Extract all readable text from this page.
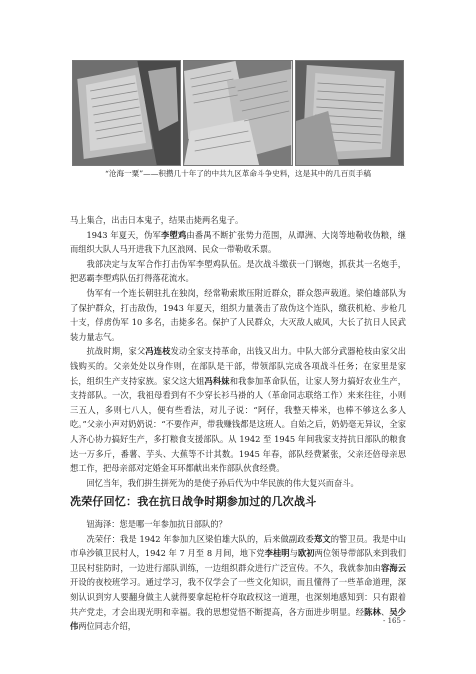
“沧海一粟”——积攒几十年了的中共九区革命斗争史料，这是其中的几百页手稿

马上集合，出击日本鬼子，结果击毙两名鬼子。

1943 年夏天，伪军李塱鸡由番禺不断扩张势力范围，从谭洲、大岗等地勒收伪粮，继而组织大队人马开进我下九区浪网、民众一带勒收禾票。

我部决定与友军合作打击伪军李塱鸡队伍。是次战斗缴获一门钢炮，抓获其一名炮手，把恶霸李塱鸡队伍打得落花流水。

伪军有一个连长朝驻扎在独岗，经常勒索欺压附近群众，群众怨声载道。梁伯雄部队为了保护群众，打击敌伪，1943 年夏天，组织力量袭击了敌伪这个连队，缴获机枪、步枪几十支，俘虏伪军 10 多名，击毙多名。保护了人民群众，大灭敌人威风，大长了抗日人民武装力量志气。

抗战时期，家父冯连枝发动全家支持革命，出钱又出力。中队大部分武器枪枝由家父出钱购买的。父亲处处以身作则，在部队是干部，带领部队完成各项战斗任务；在家里是家长，组织生产支持家族。家父这大姐冯科妹和我参加革命队伍，让家人努力搞好农业生产，支持部队。一次，我祖母看到有不少穿长衫马褂的人（革命同志联络工作）来来往往，小则三五人，多则七八人，便有些看法，对儿子说：“阿仔，我整天棒米，也棒不够这么多人吃。”父亲小声对奶奶说：“不要作声，带我赚钱都是这班人。自始之后，奶奶毫无异议，全家人齐心协力搞好生产，多打粮食支援部队。从 1942 至 1945 年间我家支持抗日部队的粮食达一万多斤，番薯、芋头、大蕉等不计其数。1945 年春，部队经费紧张，父亲还倍母亲思想工作，把母亲部对定婚金耳环都献出来作部队伙食经费。

回忆当年，我们拼生拼死为的是使子孙后代为中华民族的伟大复兴而奋斗。

冼荣仔回忆：我在抗日战争时期参加过的几次战斗

钮海泽：您是哪一年参加抗日部队的？

冼荣仔：我是 1942 年参加九区梁伯雄大队的，后来做副政委郑文的警卫员。我是中山市阜沙镇卫民村人，1942 年 7 月至 8 月间，地下党李桂明与欧初两位领导带部队来到我们卫民村驻防时，一边进行部队训练，一边组织群众进行广泛宣传。不久，我就参加由容海云开设的夜校班学习。通过学习，我不仅学会了一些文化知识，而且懂得了一些革命道理，深刻认识到穷人要翻身做主人就得要拿起枪杆夺取政权这一道理，也深刻地感知到：只有跟着共产党走，才会出现光明和幸福。我的思想觉悟不断提高，各方面进步明显。经陈林、吴少伟两位同志介绍，

- 165 -
